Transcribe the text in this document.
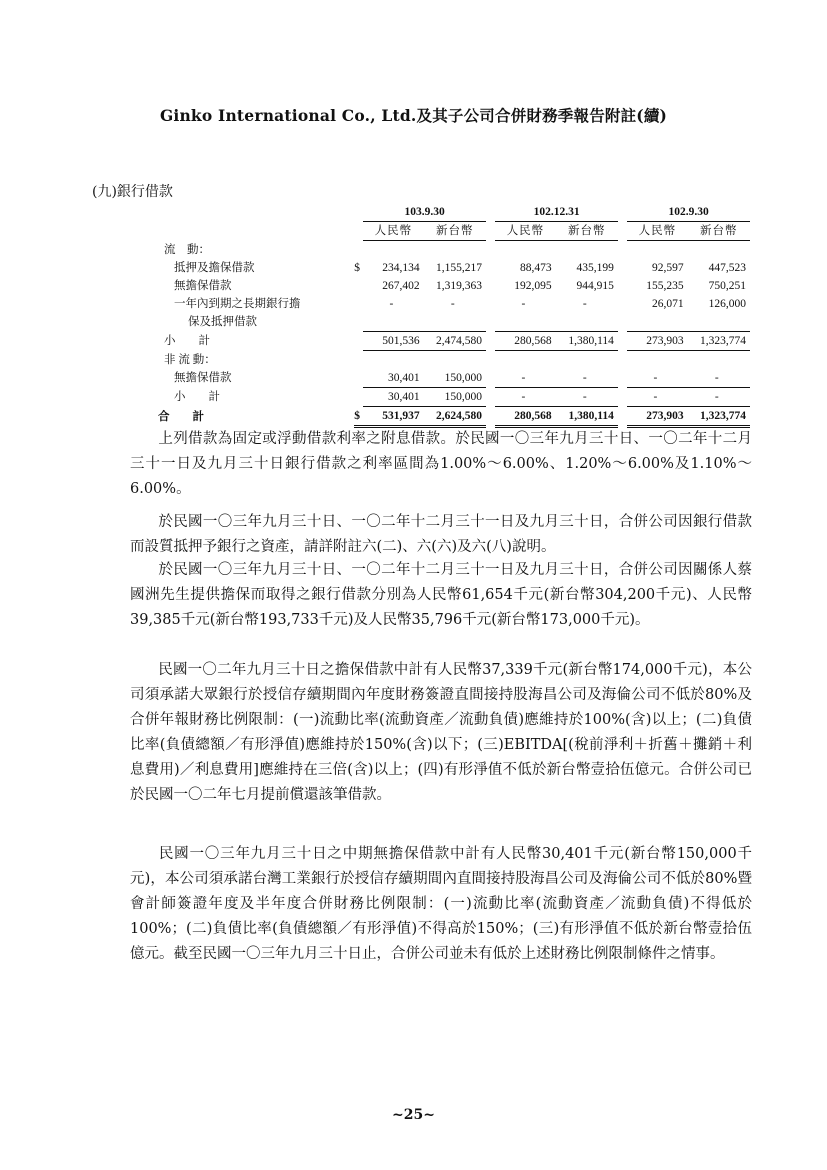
Ginko International Co., Ltd.及其子公司合併財務季報告附註(續)
(九)銀行借款
		103.9.30			102.12.31			102.9.30	
		人民幣	新台幣		人民幣	新台幣		人民幣	新台幣
流　動：									
抵押及擔保借款	$	234,134	1,155,217		88,473	435,199		92,597	447,523
無擔保借款		267,402	1,319,363		192,095	944,915		155,235	750,251
一年內到期之長期銀行擔		-	-		-	-		26,071	126,000
保及抵押借款									
小　　計		501,536	2,474,580		280,568	1,380,114		273,903	1,323,774
非 流 動：									
無擔保借款		30,401	150,000		-	-		-	-
小　　計		30,401	150,000		-	-		-	-
合　　計	$	531,937	2,624,580		280,568	1,380,114		273,903	1,323,774
上列借款為固定或浮動借款利率之附息借款。於民國一〇三年九月三十日、一〇二年十二月三十一日及九月三十日銀行借款之利率區間為1.00%～6.00%、1.20%～6.00%及1.10%～6.00%。
於民國一〇三年九月三十日、一〇二年十二月三十一日及九月三十日，合併公司因銀行借款而設質抵押予銀行之資產，請詳附註六(二)、六(六)及六(八)說明。
於民國一〇三年九月三十日、一〇二年十二月三十一日及九月三十日，合併公司因關係人蔡國洲先生提供擔保而取得之銀行借款分別為人民幣61,654千元(新台幣304,200千元)、人民幣39,385千元(新台幣193,733千元)及人民幣35,796千元(新台幣173,000千元)。
民國一〇二年九月三十日之擔保借款中計有人民幣37,339千元(新台幣174,000千元)，本公司須承諾大眾銀行於授信存續期間內年度財務簽證直間接持股海昌公司及海倫公司不低於80%及合併年報財務比例限制：(一)流動比率(流動資產／流動負債)應維持於100%(含)以上；(二)負債比率(負債總額／有形淨值)應維持於150%(含)以下；(三)EBITDA[(稅前淨利＋折舊＋攤銷＋利息費用)／利息費用]應維持在三倍(含)以上；(四)有形淨值不低於新台幣壹拾伍億元。合併公司已於民國一〇二年七月提前償還該筆借款。
民國一〇三年九月三十日之中期無擔保借款中計有人民幣30,401千元(新台幣150,000千元)，本公司須承諾台灣工業銀行於授信存續期間內直間接持股海昌公司及海倫公司不低於80%暨會計師簽證年度及半年度合併財務比例限制：(一)流動比率(流動資產／流動負債)不得低於100%；(二)負債比率(負債總額／有形淨值)不得高於150%；(三)有形淨值不低於新台幣壹拾伍億元。截至民國一〇三年九月三十日止，合併公司並未有低於上述財務比例限制條件之情事。
~25~
